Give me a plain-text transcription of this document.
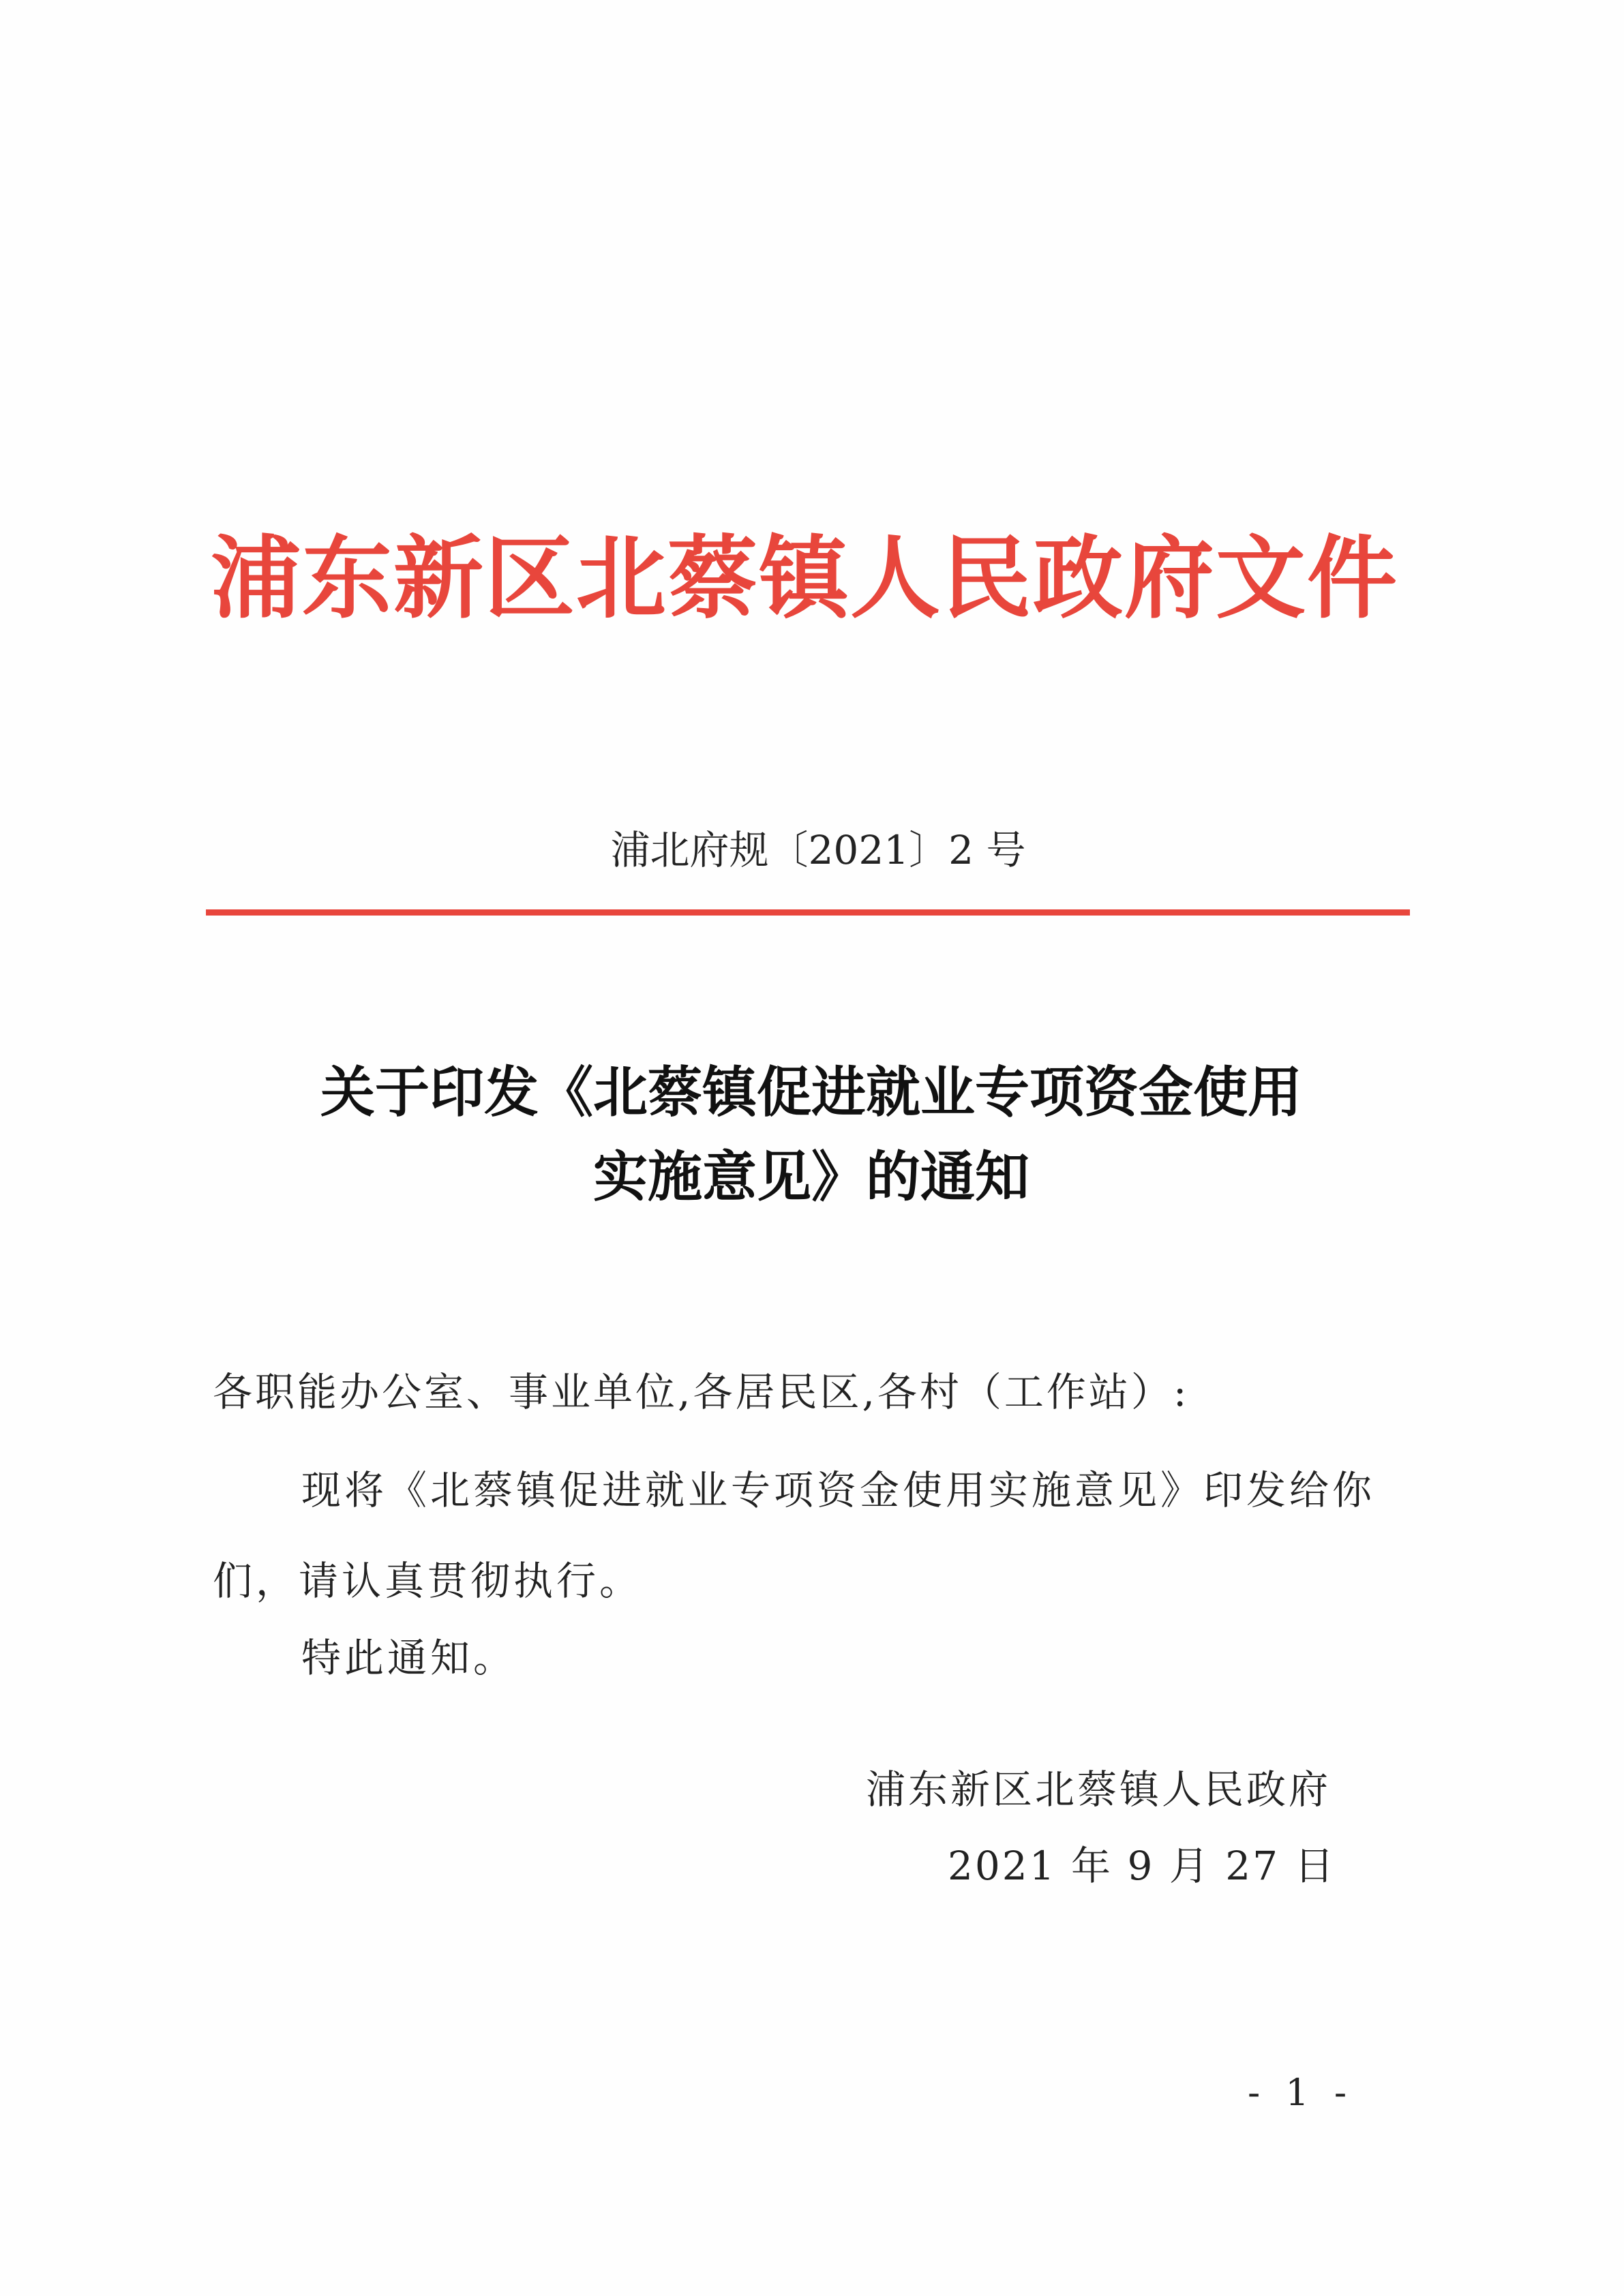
浦东新区北蔡镇人民政府文件
浦北府规〔2021〕2 号
关于印发《北蔡镇促进就业专项资金使用
实施意见》的通知
各职能办公室、事业单位,各居民区,各村（工作站）:
现将《北蔡镇促进就业专项资金使用实施意见》印发给你们，请认真贯彻执行。
特此通知。
浦东新区北蔡镇人民政府
2021 年 9 月 27 日
- 1 -
